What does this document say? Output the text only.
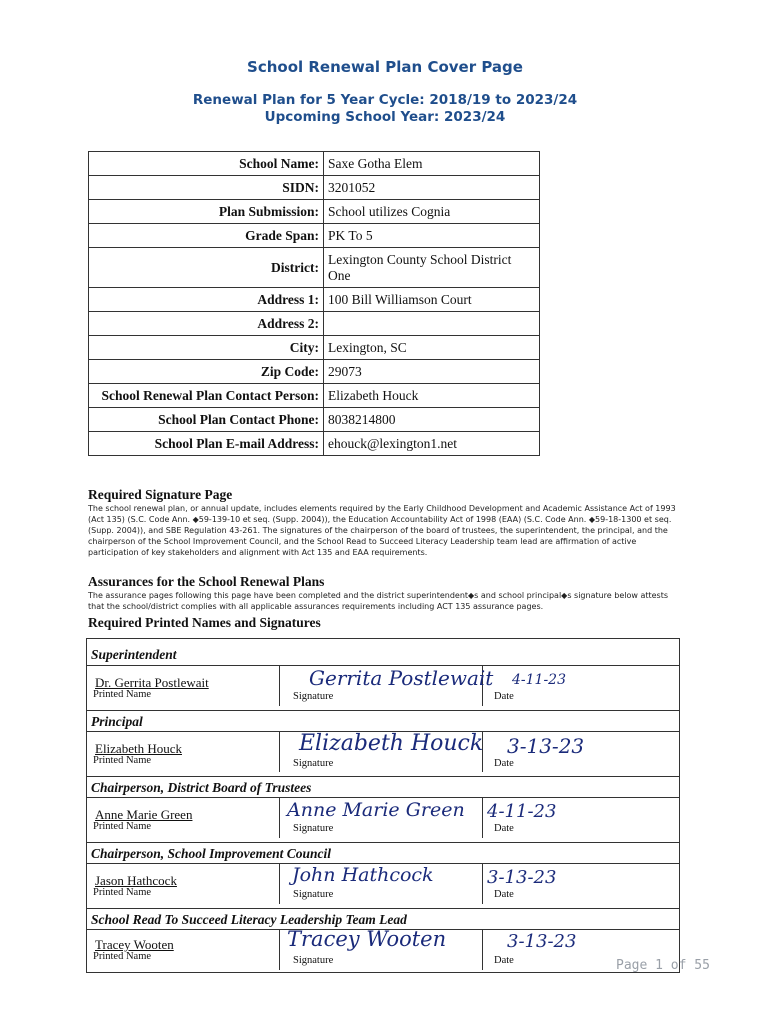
School Renewal Plan Cover Page
Renewal Plan for 5 Year Cycle: 2018/19 to 2023/24
Upcoming School Year: 2023/24
School Name:	Saxe Gotha Elem
SIDN:	3201052
Plan Submission:	School utilizes Cognia
Grade Span:	PK To 5
District:	Lexington County School District One
Address 1:	100 Bill Williamson Court
Address 2:	
City:	Lexington, SC
Zip Code:	29073
School Renewal Plan Contact Person:	Elizabeth Houck
School Plan Contact Phone:	8038214800
School Plan E-mail Address:	ehouck@lexington1.net
Required Signature Page
The school renewal plan, or annual update, includes elements required by the Early Childhood Development and Academic Assistance Act of 1993 (Act 135) (S.C. Code Ann. ◆59-139-10 et seq. (Supp. 2004)), the Education Accountability Act of 1998 (EAA) (S.C. Code Ann. ◆59-18-1300 et seq. (Supp. 2004)), and SBE Regulation 43-261. The signatures of the chairperson of the board of trustees, the superintendent, the principal, and the chairperson of the School Improvement Council, and the School Read to Succeed Literacy Leadership team lead are affirmation of active participation of key stakeholders and alignment with Act 135 and EAA requirements.
Assurances for the School Renewal Plans
The assurance pages following this page have been completed and the district superintendent◆s and school principal◆s signature below attests that the school/district complies with all applicable assurances requirements including ACT 135 assurance pages.
Required Printed Names and Signatures
Superintendent
Dr. Gerrita Postlewait
Printed Name
Gerrita Postlewait
Signature
4-11-23
Date
Principal
Elizabeth Houck
Printed Name
Elizabeth Houck
Signature
3-13-23
Date
Chairperson, District Board of Trustees
Anne Marie Green
Printed Name
Anne Marie Green
Signature
4-11-23
Date
Chairperson, School Improvement Council
Jason Hathcock
Printed Name
John Hathcock
Signature
3-13-23
Date
School Read To Succeed Literacy Leadership Team Lead
Tracey Wooten
Printed Name
Tracey Wooten
Signature
3-13-23
Date	Page 1 of 55
